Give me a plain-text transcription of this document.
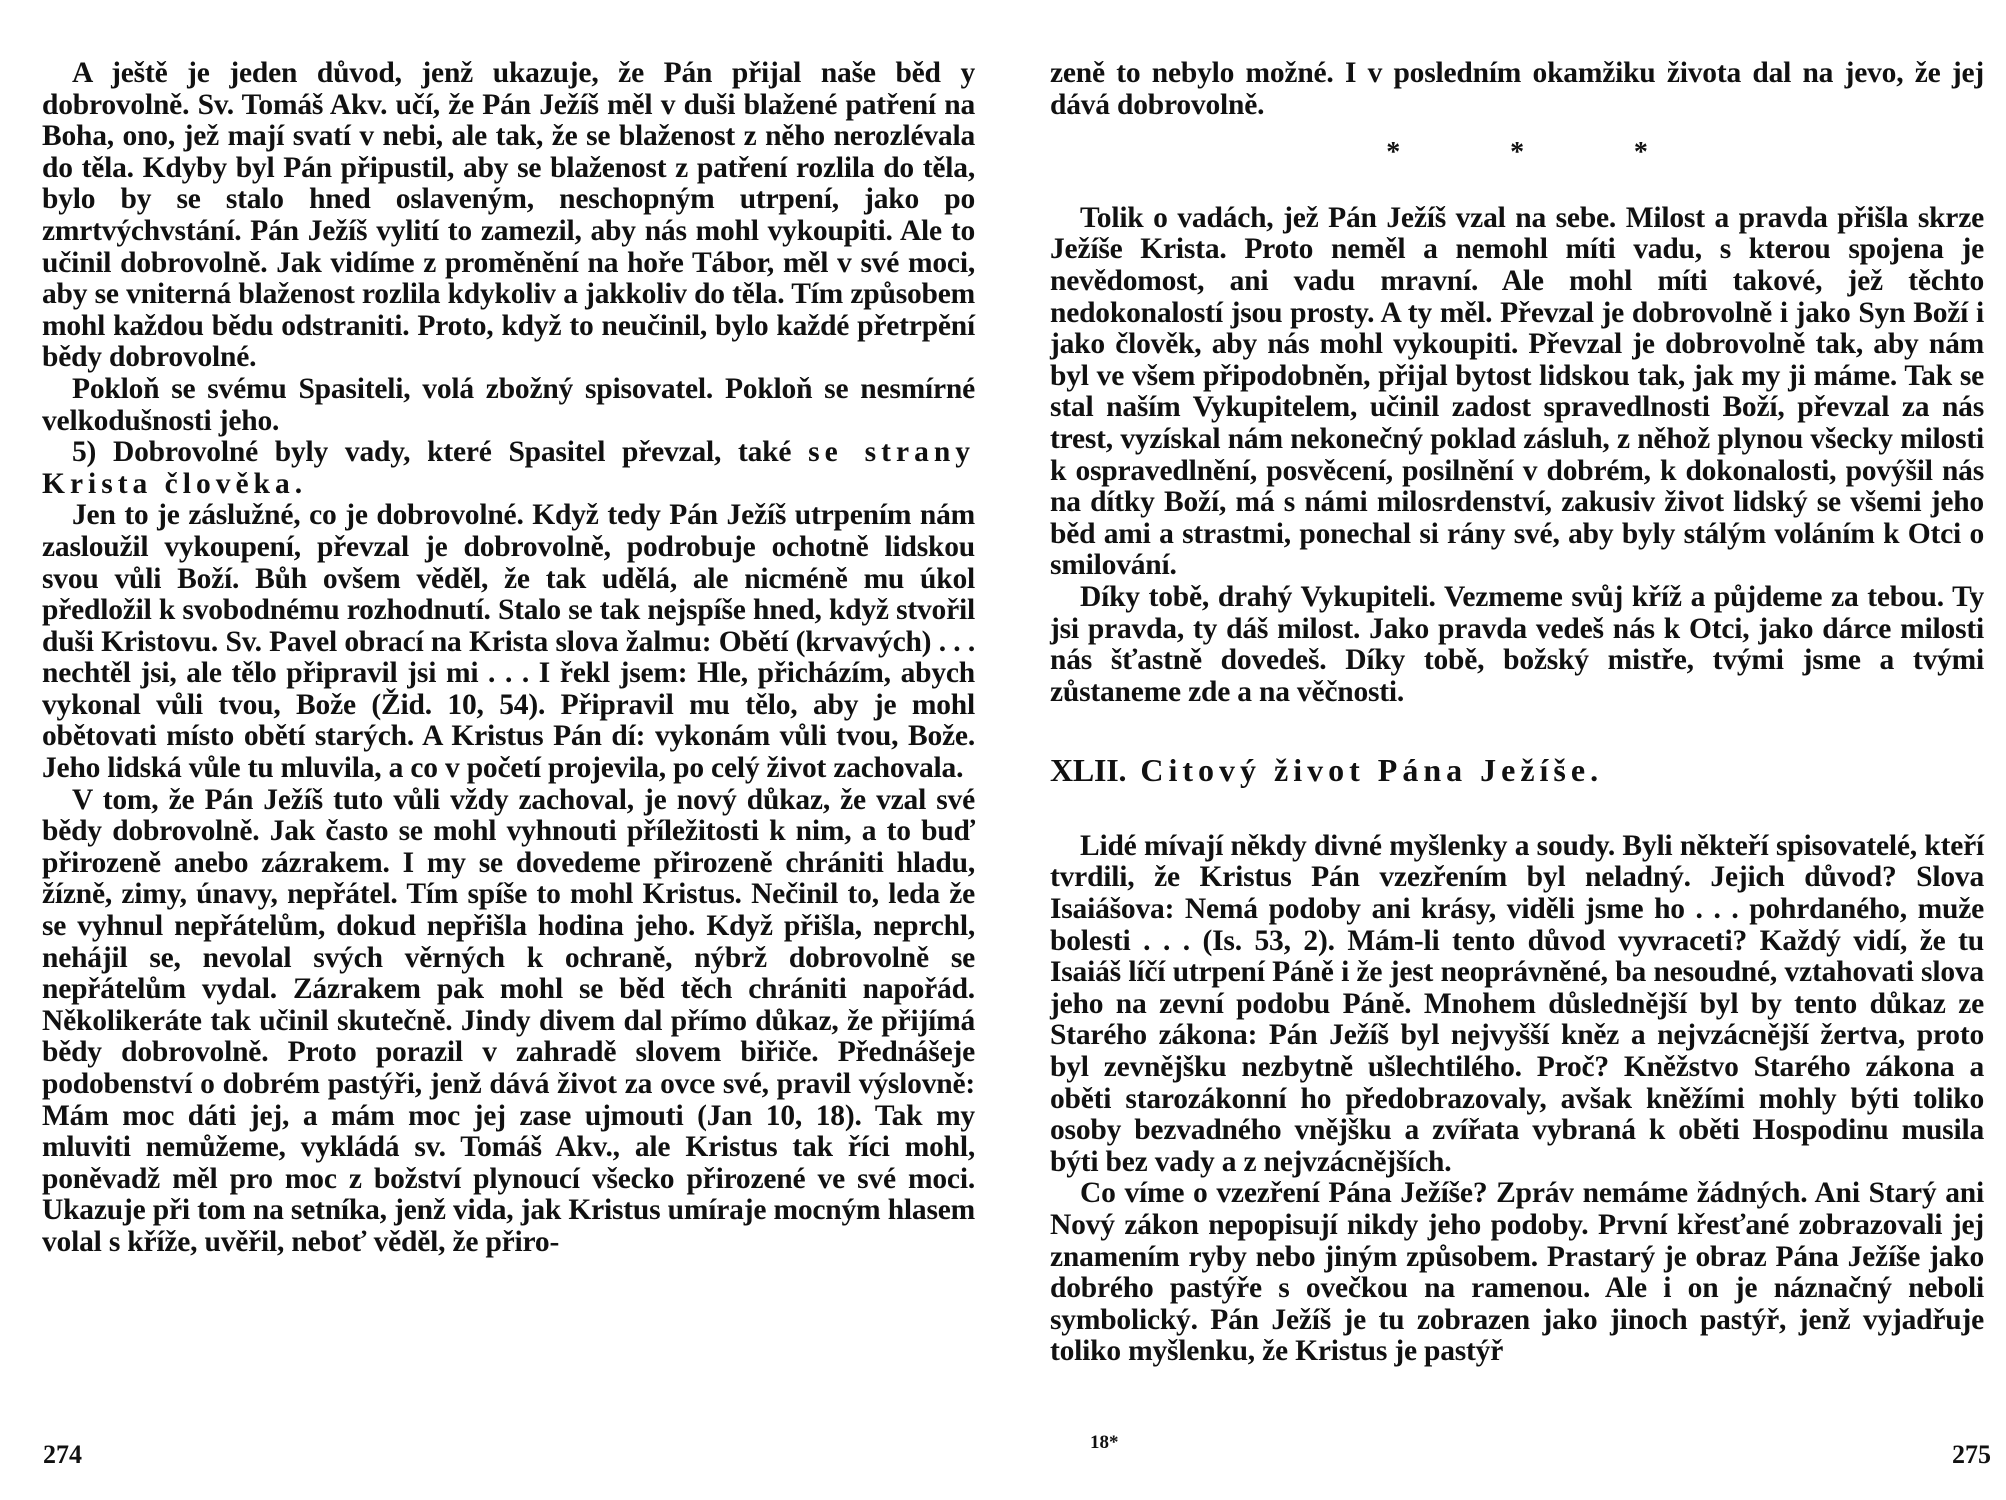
A ještě je jeden důvod, jenž ukazuje, že Pán přijal naše běd y dobrovolně. Sv. Tomáš Akv. učí, že Pán Ježíš měl v duši blažené patření na Boha, ono, jež mají svatí v nebi, ale tak, že se blaženost z něho nerozlévala do těla. Kdyby byl Pán připustil, aby se blaženost z patření rozlila do těla, bylo by se stalo hned oslaveným, neschopným utrpení, jako po zmrtvýchvstání. Pán Ježíš vylití to zamezil, aby nás mohl vykoupiti. Ale to učinil dobrovolně. Jak vidíme z proměnění na hoře Tábor, měl v své moci, aby se vniterná blaženost rozlila kdykoliv a jakkoliv do těla. Tím způsobem mohl každou bědu odstraniti. Proto, když to neučinil, bylo každé přetrpění bědy dobrovolné.

Pokloň se svému Spasiteli, volá zbožný spisovatel. Pokloň se nesmírné velkodušnosti jeho.

5) Dobrovolné byly vady, které Spasitel převzal, také se strany Krista člověka.

Jen to je záslužné, co je dobrovolné. Když tedy Pán Ježíš utrpením nám zasloužil vykoupení, převzal je dobrovolně, podrobuje ochotně lidskou svou vůli Boží. Bůh ovšem věděl, že tak udělá, ale nicméně mu úkol předložil k svobodnému rozhodnutí. Stalo se tak nejspíše hned, když stvořil duši Kristovu. Sv. Pavel obrací na Krista slova žalmu: Obětí (krvavých) . . . nechtěl jsi, ale tělo připravil jsi mi . . . I řekl jsem: Hle, přicházím, abych vykonal vůli tvou, Bože (Žid. 10, 54). Připravil mu tělo, aby je mohl obětovati místo obětí starých. A Kristus Pán dí: vykonám vůli tvou, Bože. Jeho lidská vůle tu mluvila, a co v početí projevila, po celý život zachovala.

V tom, že Pán Ježíš tuto vůli vždy zachoval, je nový důkaz, že vzal své bědy dobrovolně. Jak často se mohl vyhnouti příležitosti k nim, a to buď přirozeně anebo zázrakem. I my se dovedeme přirozeně chrániti hladu, žízně, zimy, únavy, nepřátel. Tím spíše to mohl Kristus. Nečinil to, leda že se vyhnul nepřátelům, dokud nepřišla hodina jeho. Když přišla, neprchl, nehájil se, nevolal svých věrných k ochraně, nýbrž dobrovolně se nepřátelům vydal. Zázrakem pak mohl se běd těch chrániti napořád. Několikeráte tak učinil skutečně. Jindy divem dal přímo důkaz, že přijímá bědy dobrovolně. Proto porazil v zahradě slovem biřiče. Přednášeje podobenství o dobrém pastýři, jenž dává život za ovce své, pravil výslovně: Mám moc dáti jej, a mám moc jej zase ujmouti (Jan 10, 18). Tak my mluviti nemůžeme, vykládá sv. Tomáš Akv., ale Kristus tak říci mohl, poněvadž měl pro moc z božství plynoucí všecko přirozené ve své moci. Ukazuje při tom na setníka, jenž vida, jak Kristus umíraje mocným hlasem volal s kříže, uvěřil, neboť věděl, že přiro-

274

zeně to nebylo možné. I v posledním okamžiku života dal na jevo, že jej dává dobrovolně.

*	*	*

Tolik o vadách, jež Pán Ježíš vzal na sebe. Milost a pravda přišla skrze Ježíše Krista. Proto neměl a nemohl míti vadu, s kterou spojena je nevědomost, ani vadu mravní. Ale mohl míti takové, jež těchto nedokonalostí jsou prosty. A ty měl. Převzal je dobrovolně i jako Syn Boží i jako člověk, aby nás mohl vykoupiti. Převzal je dobrovolně tak, aby nám byl ve všem připodobněn, přijal bytost lidskou tak, jak my ji máme. Tak se stal naším Vykupitelem, učinil zadost spravedlnosti Boží, převzal za nás trest, vyzískal nám nekonečný poklad zásluh, z něhož plynou všecky milosti k ospravedlnění, posvěcení, posilnění v dobrém, k dokonalosti, povýšil nás na dítky Boží, má s námi milosrdenství, zakusiv život lidský se všemi jeho běd ami a strastmi, ponechal si rány své, aby byly stálým voláním k Otci o smilování.

Díky tobě, drahý Vykupiteli. Vezmeme svůj kříž a půjdeme za tebou. Ty jsi pravda, ty dáš milost. Jako pravda vedeš nás k Otci, jako dárce milosti nás šťastně dovedeš. Díky tobě, božský mistře, tvými jsme a tvými zůstaneme zde a na věčnosti.

XLII. Citový život Pána Ježíše.

Lidé mívají někdy divné myšlenky a soudy. Byli někteří spisovatelé, kteří tvrdili, že Kristus Pán vzezřením byl neladný. Jejich důvod? Slova Isaiášova: Nemá podoby ani krásy, viděli jsme ho . . . pohrdaného, muže bolesti . . . (Is. 53, 2). Mám-li tento důvod vyvraceti? Každý vidí, že tu Isaiáš líčí utrpení Páně i že jest neoprávněné, ba nesoudné, vztahovati slova jeho na zevní podobu Páně. Mnohem důslednější byl by tento důkaz ze Starého zákona: Pán Ježíš byl nejvyšší kněz a nejvzácnější žertva, proto byl zevnějšku nezbytně ušlechtilého. Proč? Kněžstvo Starého zákona a oběti starozákonní ho předobrazovaly, avšak kněžími mohly býti toliko osoby bezvadného vnějšku a zvířata vybraná k oběti Hospodinu musila býti bez vady a z nejvzácnějších.

Co víme o vzezření Pána Ježíše? Zpráv nemáme žádných. Ani Starý ani Nový zákon nepopisují nikdy jeho podoby. První křesťané zobrazovali jej znamením ryby nebo jiným způsobem. Prastarý je obraz Pána Ježíše jako dobrého pastýře s ovečkou na ramenou. Ale i on je náznačný neboli symbolický. Pán Ježíš je tu zobrazen jako jinoch pastýř, jenž vyjadřuje toliko myšlenku, že Kristus je pastýř

18*	275
